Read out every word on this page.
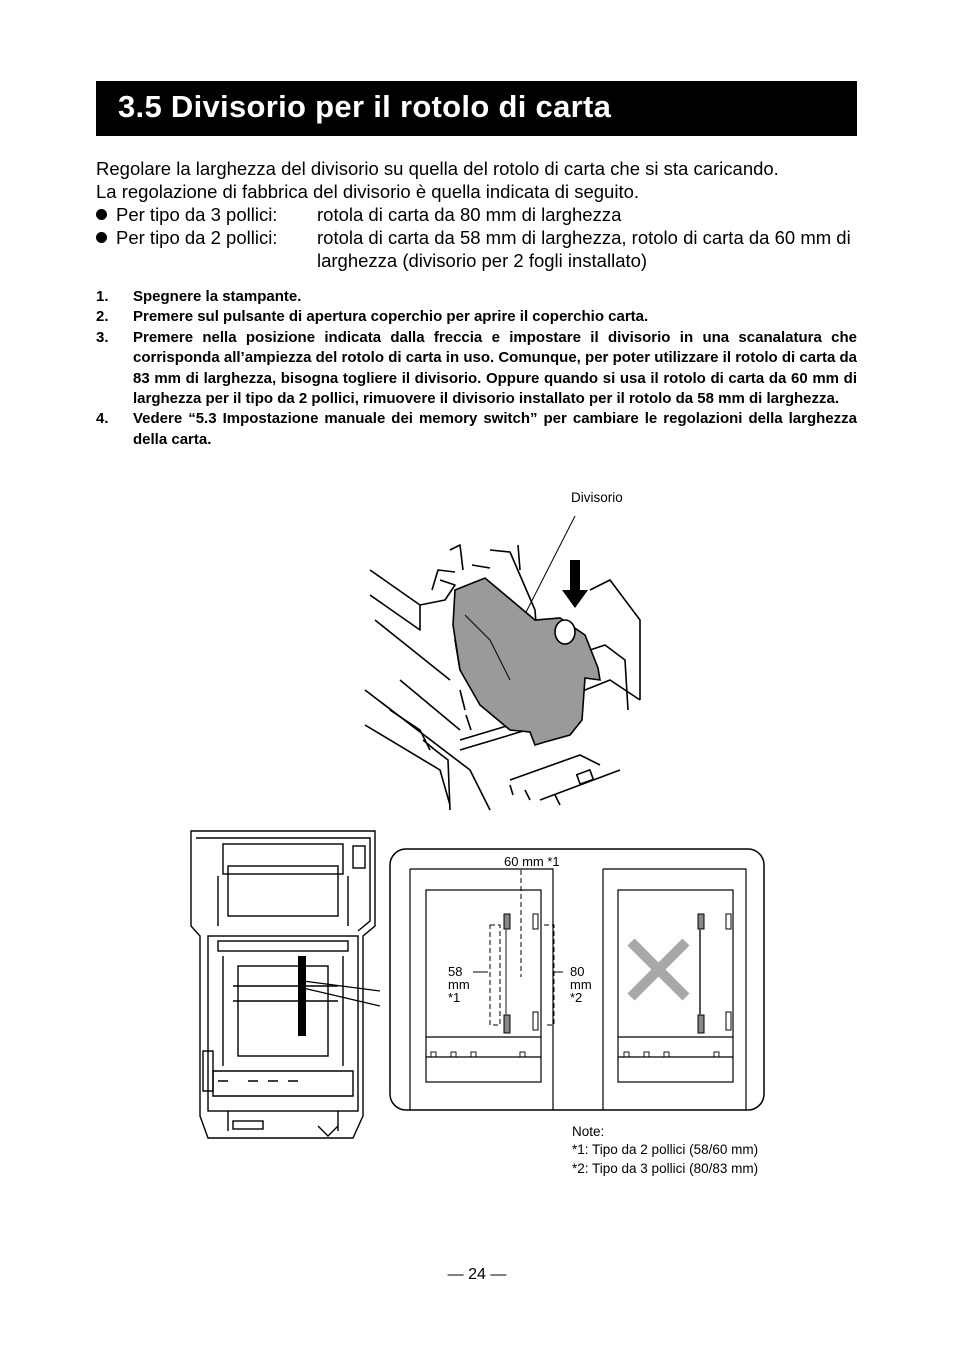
3.5 Divisorio per il rotolo di carta

Regolare la larghezza del divisorio su quella del rotolo di carta che si sta caricando.

La regolazione di fabbrica del divisorio è quella indicata di seguito.

Per tipo da 3 pollici: rotola di carta da 80 mm di larghezza
Per tipo da 2 pollici: rotola di carta da 58 mm di larghezza, rotolo di carta da 60 mm di larghezza (divisorio per 2 fogli installato)
1. Spegnere la stampante.
2. Premere sul pulsante di apertura coperchio per aprire il coperchio carta.
3. Premere nella posizione indicata dalla freccia e impostare il divisorio in una scanalatura che corrisponda all’ampiezza del rotolo di carta in uso. Comunque, per poter utilizzare il rotolo di carta da 83 mm di larghezza, bisogna togliere il divisorio. Oppure quando si usa il rotolo di carta da 60 mm di larghezza per il tipo da 2 pollici, rimuovere il divisorio installato per il rotolo da 58 mm di larghezza.
4. Vedere “5.3 Impostazione manuale dei memory switch” per cambiare le regolazioni della larghezza della carta.
Divisorio
60 mm *1
58
mm
*1
80
mm
*2
Note:
*1: Tipo da 2 pollici (58/60 mm)
*2: Tipo da 3 pollici (80/83 mm)
— 24 —
